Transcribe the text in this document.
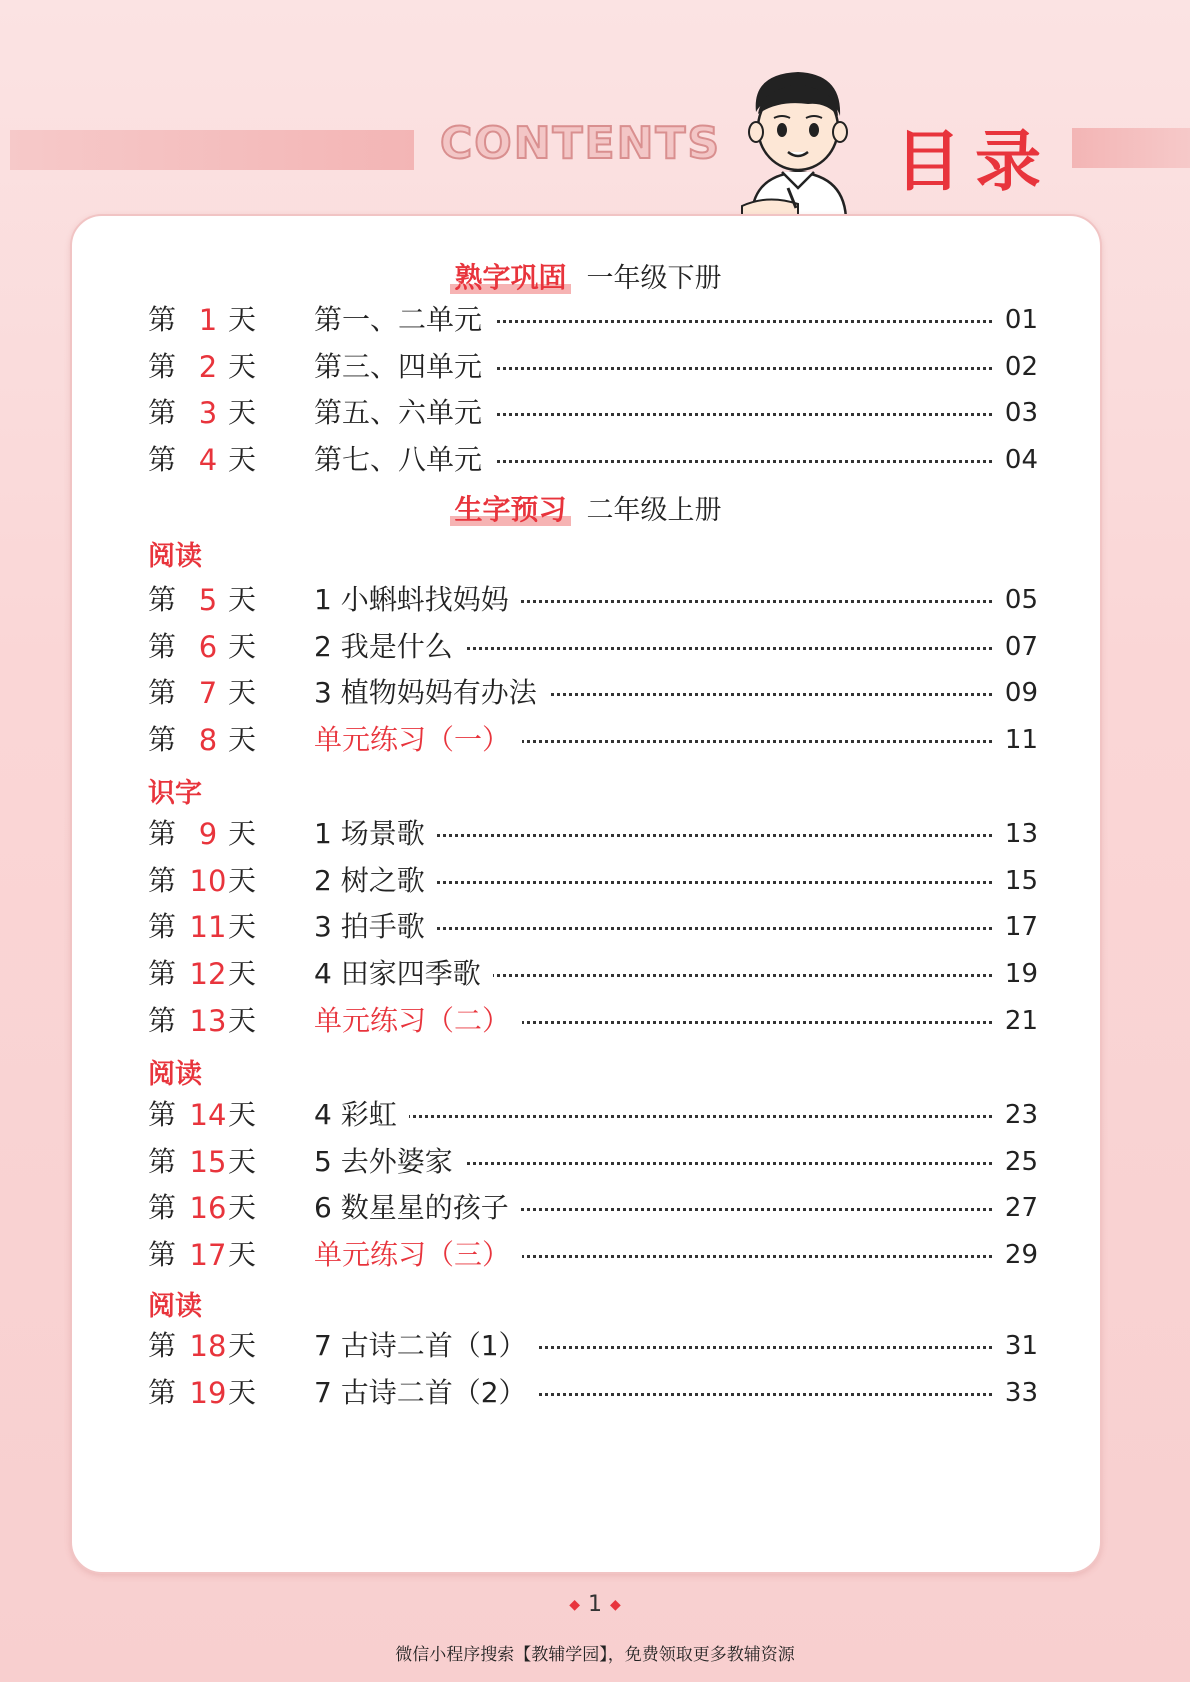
CONTENTS	目录
熟字巩固 一年级下册
第 1 天 第一、二单元	01
第 2 天 第三、四单元	02
第 3 天 第五、六单元	03
第 4 天 第七、八单元	04
生字预习 二年级上册
阅读
第 5 天 1 小蝌蚪找妈妈	05
第 6 天 2 我是什么	07
第 7 天 3 植物妈妈有办法	09
第 8 天 单元练习（一）	11
识字
第 9 天 1 场景歌	13
第 10 天 2 树之歌	15
第 11 天 3 拍手歌	17
第 12 天 4 田家四季歌	19
第 13 天 单元练习（二）	21
阅读
第 14 天 4 彩虹	23
第 15 天 5 去外婆家	25
第 16 天 6 数星星的孩子	27
第 17 天 单元练习（三）	29
阅读
第 18 天 7 古诗二首（1）	31
第 19 天 7 古诗二首（2）	33
◆ 1 ◆
微信小程序搜索【教辅学园】，免费领取更多教辅资源
